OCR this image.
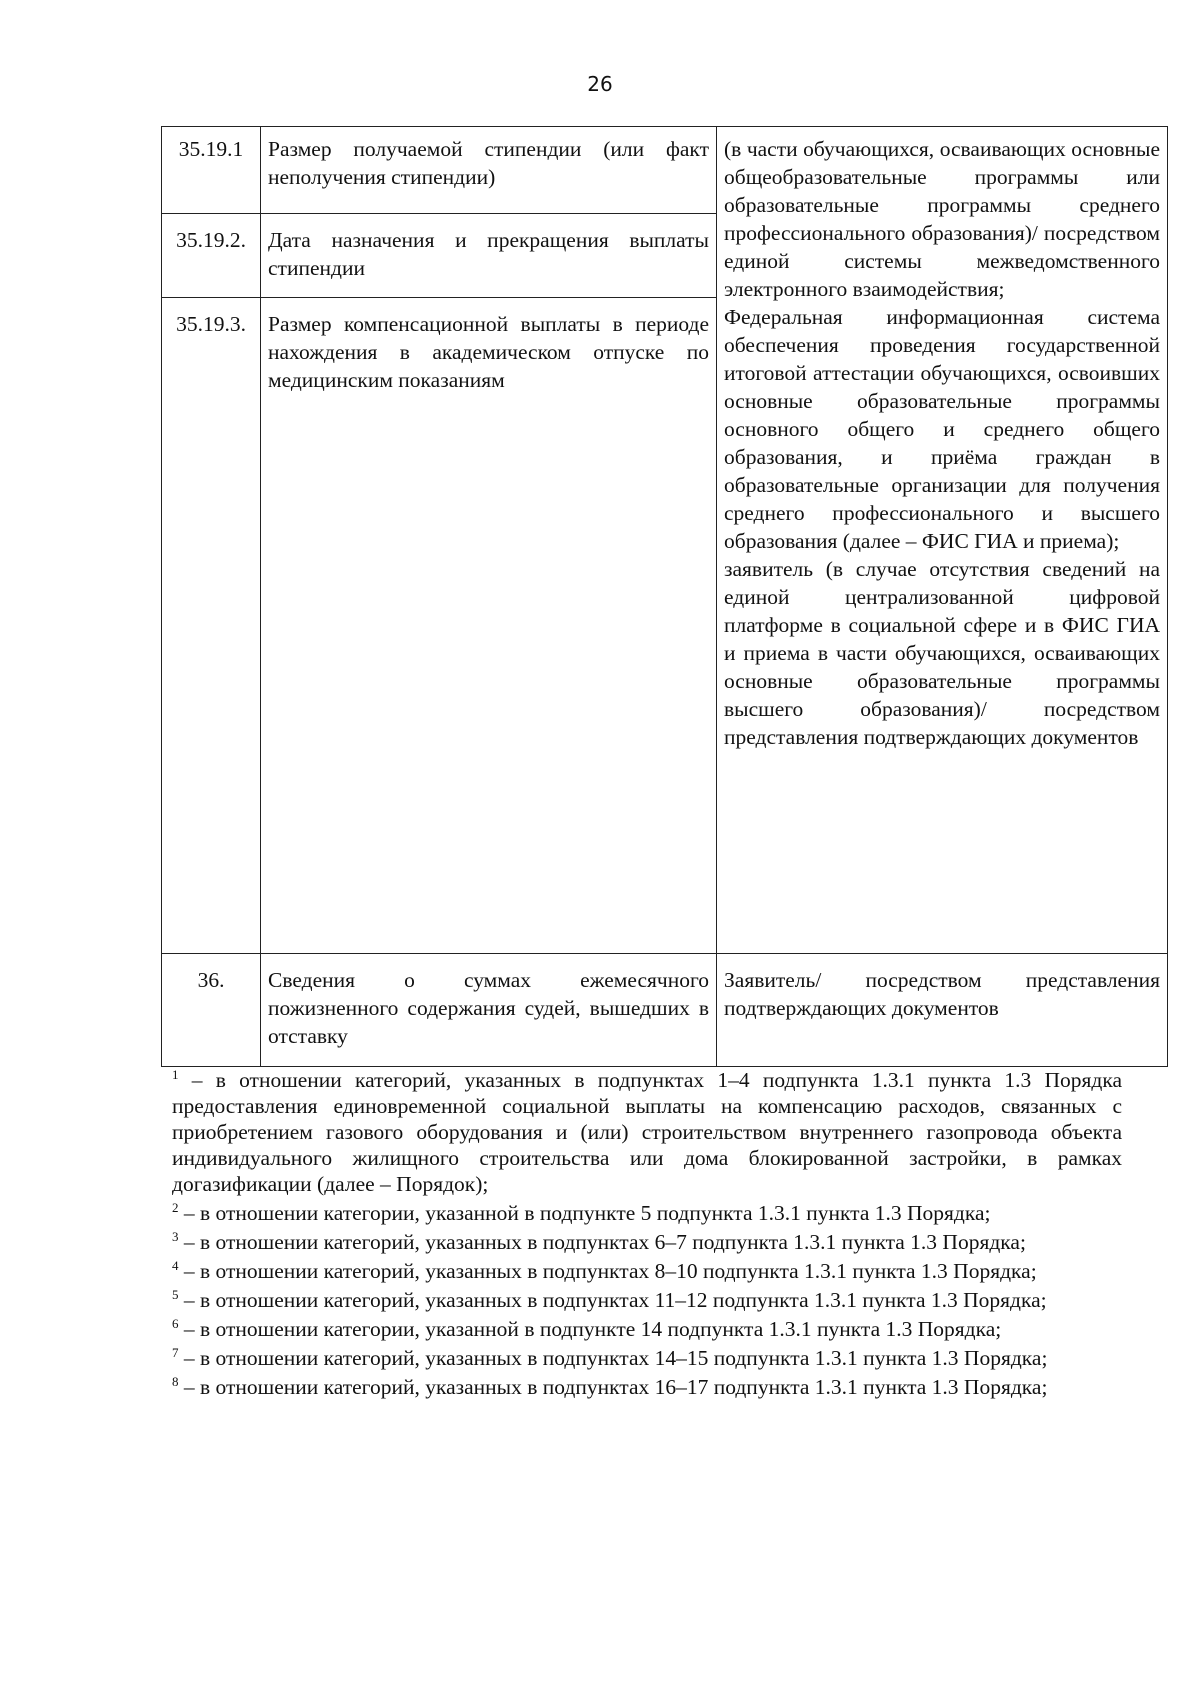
26
35.19.1	Размер получаемой стипендии (или факт неполучения стипендии)	(в части обучающихся, осваивающих основные общеобразовательные программы или образовательные программы среднего профессионального образования)/ посредством единой системы межведомственного электронного взаимодействия;
Федеральная информационная система обеспечения проведения государственной итоговой аттестации обучающихся, освоивших основные образовательные программы основного общего и среднего общего образования, и приёма граждан в образовательные организации для получения среднего профессионального и высшего образования (далее – ФИС ГИА и приема);
заявитель (в случае отсутствия сведений на единой централизованной цифровой платформе в социальной сфере и в ФИС ГИА и приема в части обучающихся, осваивающих основные образовательные программы высшего образования)/ посредством представления подтверждающих документов

35.19.2.	Дата назначения и прекращения выплаты стипендии	
35.19.3.	Размер компенсационной выплаты в периоде нахождения в академическом отпуске по медицинским показаниям	
36.	Сведения о суммах ежемесячного пожизненного содержания судей, вышедших в отставку	Заявитель/ посредством представления подтверждающих документов

$^1$ – в отношении категорий, указанных в подпунктах 1–4 подпункта 1.3.1 пункта 1.3 Порядка предоставления единовременной социальной выплаты на компенсацию расходов, связанных с приобретением газового оборудования и (или) строительством внутреннего газопровода объекта индивидуального жилищного строительства или дома блокированной застройки, в рамках догазификации (далее – Порядок);

$^2$ – в отношении категории, указанной в подпункте 5 подпункта 1.3.1 пункта 1.3 Порядка;

$^3$ – в отношении категорий, указанных в подпунктах 6–7 подпункта 1.3.1 пункта 1.3 Порядка;

$^4$ – в отношении категорий, указанных в подпунктах 8–10 подпункта 1.3.1 пункта 1.3 Порядка;

$^5$ – в отношении категорий, указанных в подпунктах 11–12 подпункта 1.3.1 пункта 1.3 Порядка;

$^6$ – в отношении категории, указанной в подпункте 14 подпункта 1.3.1 пункта 1.3 Порядка;

$^7$ – в отношении категорий, указанных в подпунктах 14–15 подпункта 1.3.1 пункта 1.3 Порядка;

$^8$ – в отношении категорий, указанных в подпунктах 16–17 подпункта 1.3.1 пункта 1.3 Порядка;
